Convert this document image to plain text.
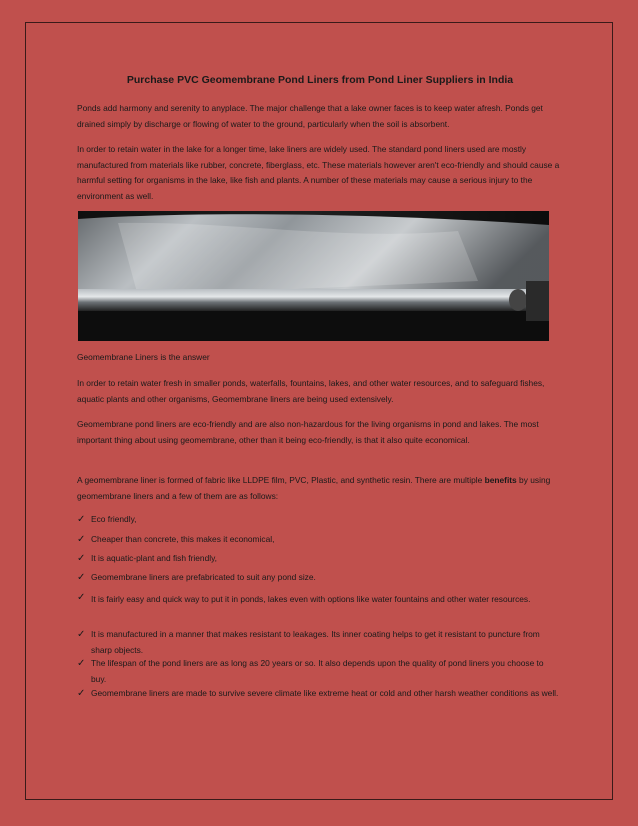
Purchase PVC Geomembrane Pond Liners from Pond Liner Suppliers in India

Ponds add harmony and serenity to anyplace. The major challenge that a lake owner faces is to keep water afresh. Ponds get drained simply by discharge or flowing of water to the ground, particularly when the soil is absorbent.

In order to retain water in the lake for a longer time, lake liners are widely used. The standard pond liners used are mostly manufactured from materials like rubber, concrete, fiberglass, etc. These materials however aren't eco-friendly and should cause a harmful setting for organisms in the lake, like fish and plants. A number of these materials may cause a serious injury to the environment as well.

Geomembrane Liners is the answer

In order to retain water fresh in smaller ponds, waterfalls, fountains, lakes, and other water resources, and to safeguard fishes, aquatic plants and other organisms, Geomembrane liners are being used extensively.

Geomembrane pond liners are eco-friendly and are also non-hazardous for the living organisms in pond and lakes. The most important thing about using geomembrane, other than it being eco-friendly, is that it also quite economical.

A geomembrane liner is formed of fabric like LLDPE film, PVC, Plastic, and synthetic resin. There are multiple benefits by using geomembrane liners and a few of them are as follows:

✓ Eco friendly,
✓ Cheaper than concrete, this makes it economical,
✓ It is aquatic-plant and fish friendly,
✓ Geomembrane liners are prefabricated to suit any pond size.
✓ It is fairly easy and quick way to put it in ponds, lakes even with options like water fountains and other water resources.
✓ It is manufactured in a manner that makes resistant to leakages. Its inner coating helps to get it resistant to puncture from sharp objects.
✓ The lifespan of the pond liners are as long as 20 years or so. It also depends upon the quality of pond liners you choose to buy.
✓ Geomembrane liners are made to survive severe climate like extreme heat or cold and other harsh weather conditions as well.
